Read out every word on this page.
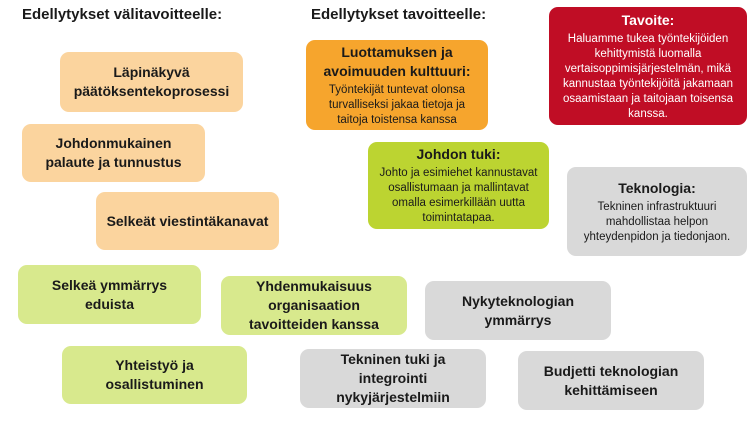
Edellytykset välitavoitteelle:	Edellytykset tavoitteelle:
Läpinäkyvä päätöksentekoprosessi
Johdonmukainen palaute ja tunnustus
Selkeät viestintäkanavat
Selkeä ymmärrys eduista
Yhteistyö ja osallistuminen
Luottamuksen ja avoimuuden kulttuuri:
Työntekijät tuntevat olonsa turvalliseksi jakaa tietoja ja taitoja toistensa kanssa
Johdon tuki:
Johto ja esimiehet kannustavat osallistumaan ja mallintavat omalla esimerkillään uutta toimintatapaa.
Yhdenmukaisuus organisaation tavoitteiden kanssa
Nykyteknologian ymmärrys
Tekninen tuki ja integrointi nykyjärjestelmiin
Budjetti teknologian kehittämiseen
Tavoite:
Haluamme tukea työntekijöiden kehittymistä luomalla vertaisoppimisjärjestelmän, mikä kannustaa työntekijöitä jakamaan osaamistaan ja taitojaan toisensa kanssa.
Teknologia:
Tekninen infrastruktuuri mahdollistaa helpon yhteydenpidon ja tiedonjaon.
